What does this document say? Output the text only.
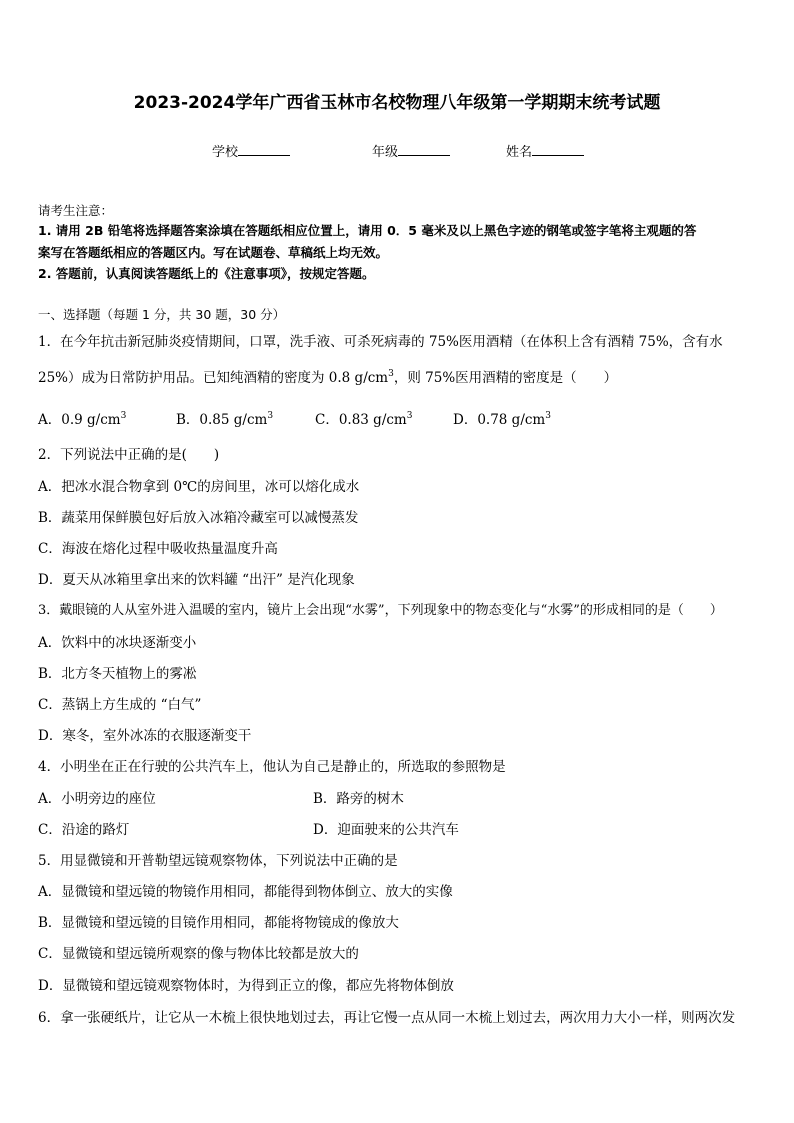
2023-2024学年广西省玉林市名校物理八年级第一学期期末统考试题
学校	年级	姓名
请考生注意：
1. 请用 2B 铅笔将选择题答案涂填在答题纸相应位置上，请用 0．5 毫米及以上黑色字迹的钢笔或签字笔将主观题的答
案写在答题纸相应的答题区内。写在试题卷、草稿纸上均无效。
2. 答题前，认真阅读答题纸上的《注意事项》，按规定答题。
一、选择题（每题 1 分，共 30 题，30 分）
1．在今年抗击新冠肺炎疫情期间，口罩，洗手液、可杀死病毒的 75%医用酒精（在体积上含有酒精 75%，含有水
25%）成为日常防护用品。已知纯酒精的密度为 0.8 $g/cm^3$，则 75%医用酒精的密度是（　　）
A．0.9 $g/cm^3$	B．0.85 $g/cm^3$	C．0.83 $g/cm^3$	D．0.78 $g/cm^3$
2．下列说法中正确的是(　　)
A．把冰水混合物拿到 0℃的房间里，冰可以熔化成水
B．蔬菜用保鲜膜包好后放入冰箱冷藏室可以减慢蒸发
C．海波在熔化过程中吸收热量温度升高
D．夏天从冰箱里拿出来的饮料罐 “出汗” 是汽化现象
3．戴眼镜的人从室外进入温暖的室内，镜片上会出现“水雾”，下列现象中的物态变化与“水雾”的形成相同的是（　　）
A．饮料中的冰块逐渐变小
B．北方冬天植物上的雾凇
C．蒸锅上方生成的 “白气”
D．寒冬，室外冰冻的衣服逐渐变干
4．小明坐在正在行驶的公共汽车上，他认为自己是静止的，所选取的参照物是
A．小明旁边的座位	B．路旁的树木
C．沿途的路灯	D．迎面驶来的公共汽车
5．用显微镜和开普勒望远镜观察物体，下列说法中正确的是
A．显微镜和望远镜的物镜作用相同，都能得到物体倒立、放大的实像
B．显微镜和望远镜的目镜作用相同，都能将物镜成的像放大
C．显微镜和望远镜所观察的像与物体比较都是放大的
D．显微镜和望远镜观察物体时，为得到正立的像，都应先将物体倒放
6．拿一张硬纸片，让它从一木梳上很快地划过去，再让它慢一点从同一木梳上划过去，两次用力大小一样，则两次发
